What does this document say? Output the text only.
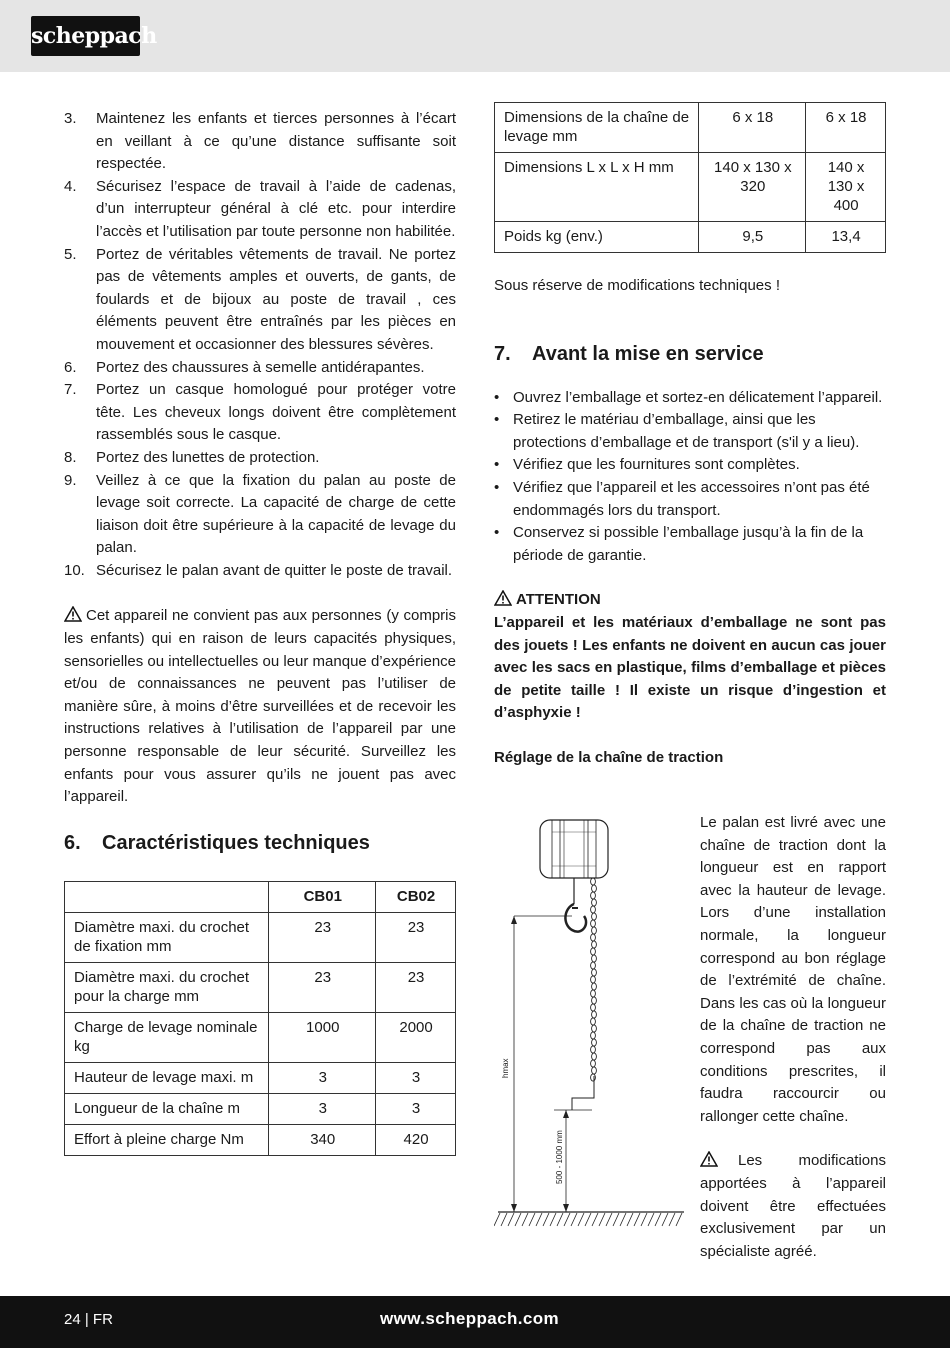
scheppach
3. Maintenez les enfants et tierces personnes à l’écart en veillant à ce qu’une distance suffisante soit respectée.
4. Sécurisez l’espace de travail à l’aide de cadenas, d’un interrupteur général à clé etc. pour interdire l’accès et l’utilisation par toute personne non habilitée.
5. Portez de véritables vêtements de travail. Ne portez pas de vêtements amples et ouverts, de gants, de foulards et de bijoux au poste de travail , ces éléments peuvent être entraînés par les pièces en mouvement et occasionner des blessures sévères.
6. Portez des chaussures à semelle antidérapantes.
7. Portez un casque homologué pour protéger votre tête. Les cheveux longs doivent être complètement rassemblés sous le casque.
8. Portez des lunettes de protection.
9. Veillez à ce que la fixation du palan au poste de levage soit correcte. La capacité de charge de cette liaison doit être supérieure à la capacité de levage du palan.
10. Sécurisez le palan avant de quitter le poste de travail.

Cet appareil ne convient pas aux personnes (y compris les enfants) qui en raison de leurs capacités physiques, sensorielles ou intellectuelles ou leur manque d’expérience et/ou de connaissances ne peuvent pas l’utiliser de manière sûre, à moins d’être surveillées et de recevoir les instructions relatives à l’utilisation de l’appareil par une personne responsable de leur sécurité. Surveillez les enfants pour vous assurer qu’ils ne jouent pas avec l’appareil.

6. Caractéristiques techniques
	CB01	CB02
Diamètre maxi. du crochet de fixation mm	23	23
Diamètre maxi. du crochet pour la charge mm	23	23
Charge de levage nominale kg	1000	2000
Hauteur de levage maxi. m	3	3
Longueur de la chaîne m	3	3
Effort à pleine charge Nm	340	420
Dimensions de la chaîne de levage mm	6 x 18	6 x 18
Dimensions L x L x H mm	140 x 130 x 320	140 x 130 x 400
Poids kg (env.)	9,5	13,4

Sous réserve de modifications techniques !

7. Avant la mise en service
• Ouvrez l’emballage et sortez-en délicatement l’appareil.
• Retirez le matériau d’emballage, ainsi que les protections d’emballage et de transport (s'il y a lieu).
• Vérifiez que les fournitures sont complètes.
• Vérifiez que l’appareil et les accessoires n’ont pas été endommagés lors du transport.
• Conservez si possible l’emballage jusqu’à la fin de la période de garantie.

ATTENTION

L’appareil et les matériaux d’emballage ne sont pas des jouets ! Les enfants ne doivent en aucun cas jouer avec les sacs en plastique, films d’emballage et pièces de petite taille ! Il existe un risque d’ingestion et d’asphyxie !

Réglage de la chaîne de traction

hmax
500 - 1000 mm

Le palan est livré avec une chaîne de traction dont la longueur est en rapport avec la hauteur de levage. Lors d’une installation normale, la longueur correspond au bon réglage de l’extrémité de chaîne. Dans les cas où la longueur de la chaîne de traction ne correspond pas aux conditions prescrites, il faudra raccourcir ou rallonger cette chaîne.

Les modifications apportées à l’appareil doivent être effectuées exclusivement par un spécialiste agréé.

24 | FR	www.scheppach.com
